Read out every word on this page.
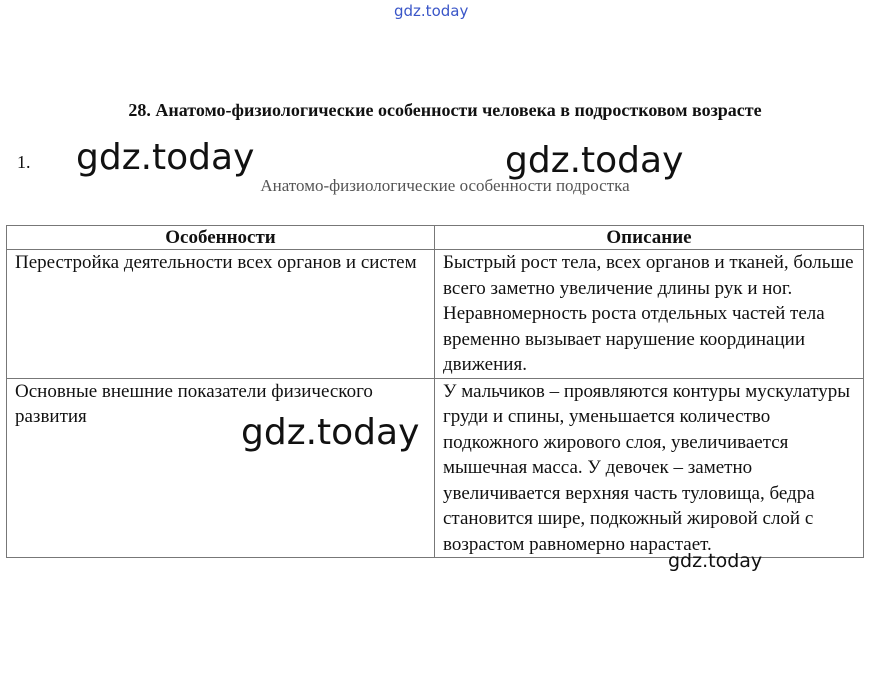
gdz.today
28. Анатомо-физиологические особенности человека в подростковом возрасте
1.
Анатомо-физиологические особенности подростка
Особенности	Описание
Перестройка деятельности всех органов и систем	Быстрый рост тела, всех органов и тканей, больше всего заметно увеличение длины рук и ног. Неравномерность роста отдельных частей тела временно вызывает нарушение координации движения.
Основные внешние показатели физического развития	У мальчиков – проявляются контуры мускулатуры груди и спины, уменьшается количество подкожного жирового слоя, увеличивается мышечная масса. У девочек – заметно увеличивается верхняя часть туловища, бедра становится шире, подкожный жировой слой с возрастом равномерно нарастает.
gdz.today	gdz.today
gdz.today
gdz.today
